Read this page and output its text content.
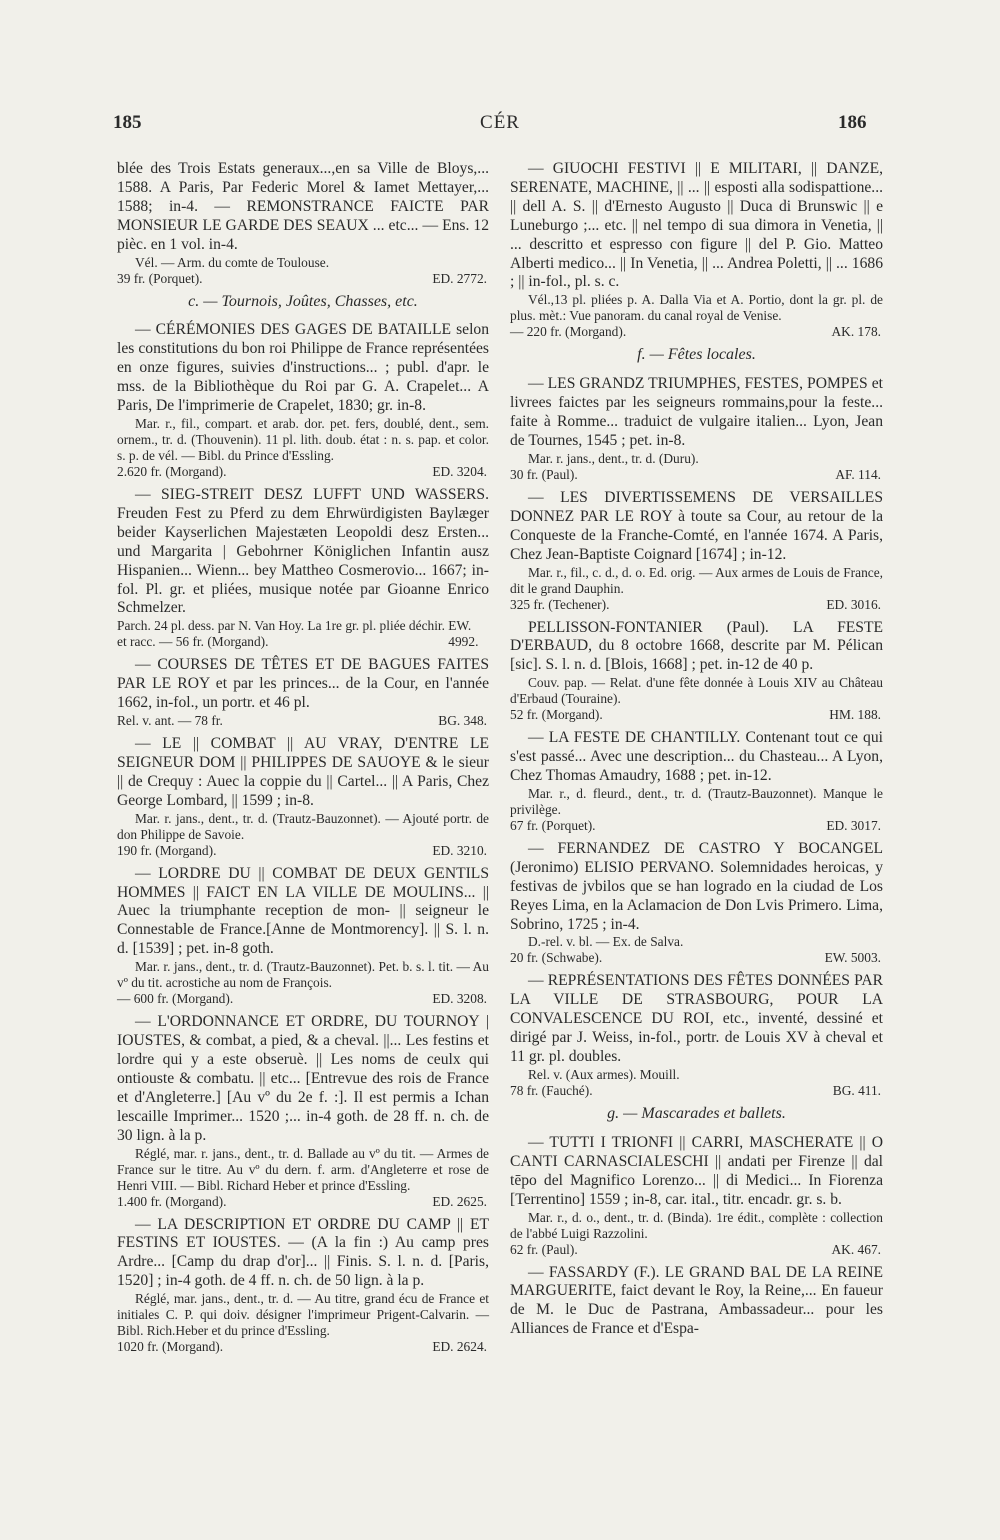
185	CÉR	186

blée des Trois Estats generaux...,en sa Ville de Bloys,... 1588. A Paris, Par Federic Morel & Iamet Mettayer,... 1588; in-4. — REMONSTRANCE FAICTE PAR MONSIEUR LE GARDE DES SEAUX ... etc... — Ens. 12 pièc. en 1 vol. in-4.

Vél. — Arm. du comte de Toulouse.

39 fr. (Porquet).	ED. 2772.
c. — Tournois, Joûtes, Chasses, etc.

— CÉRÉMONIES DES GAGES DE BATAILLE selon les constitutions du bon roi Philippe de France représentées en onze figures, suivies d'instructions... ; publ. d'apr. le mss. de la Bibliothèque du Roi par G. A. Crapelet... A Paris, De l'imprimerie de Crapelet, 1830; gr. in-8.

Mar. r., fil., compart. et arab. dor. pet. fers, doublé, dent., sem. ornem., tr. d. (Thouvenin). 11 pl. lith. doub. état : n. s. pap. et color. s. p. de vél. — Bibl. du Prince d'Essling.

2.620 fr. (Morgand).	ED. 3204.

— SIEG-STREIT DESZ LUFFT UND WASSERS. Freuden Fest zu Pferd zu dem Ehrwürdigisten Baylæger beider Kayserlichen Majestæten Leopoldi desz Ersten... und Margarita | Gebohrner Königlichen Infantin ausz Hispanien... Wienn... bey Mattheo Cosmerovio... 1667; in-fol. Pl. gr. et pliées, musique notée par Gioanne Enrico Schmelzer.

Parch. 24 pl. dess. par N. Van Hoy. La 1re gr. pl. pliée déchir. et racc. — 56 fr. (Morgand).
EW. 4992.

— COURSES DE TÊTES ET DE BAGUES FAITES PAR LE ROY et par les princes... de la Cour, en l'année 1662, in-fol., un portr. et 46 pl.

Rel. v. ant. — 78 fr.	BG. 348.

— LE || COMBAT || AU VRAY, D'ENTRE LE SEIGNEUR DOM || PHILIPPES DE SAUOYE & le sieur || de Crequy : Auec la coppie du || Cartel... || A Paris, Chez George Lombard, || 1599 ; in-8.

Mar. r. jans., dent., tr. d. (Trautz-Bauzonnet). — Ajouté portr. de don Philippe de Savoie.

190 fr. (Morgand).	ED. 3210.

— LORDRE DU || COMBAT DE DEUX GENTILS HOMMES || FAICT EN LA VILLE DE MOULINS... || Auec la triumphante reception de mon- || seigneur le Connestable de France.[Anne de Montmorency]. || S. l. n. d. [1539] ; pet. in-8 goth.

Mar. r. jans., dent., tr. d. (Trautz-Bauzonnet). Pet. b. s. l. tit. — Au vº du tit. acrostiche au nom de François.

— 600 fr. (Morgand).	ED. 3208.

— L'ORDONNANCE ET ORDRE, DU TOURNOY | IOUSTES, & combat, a pied, & a cheval. ||... Les festins et lordre qui y a este obseruè. || Les noms de ceulx qui ontiouste & combatu. || etc... [Entrevue des rois de France et d'Angleterre.] [Au vº du 2e f. :]. Il est permis a Ichan lescaille Imprimer... 1520 ;... in-4 goth. de 28 ff. n. ch. de 30 lign. à la p.

Réglé, mar. r. jans., dent., tr. d. Ballade au vº du tit. — Armes de France sur le titre. Au vº du dern. f. arm. d'Angleterre et rose de Henri VIII. — Bibl. Richard Heber et prince d'Essling.

1.400 fr. (Morgand).	ED. 2625.

— LA DESCRIPTION ET ORDRE DU CAMP || ET FESTINS ET IOUSTES. — (A la fin :) Au camp pres Ardre... [Camp du drap d'or]... || Finis. S. l. n. d. [Paris, 1520] ; in-4 goth. de 4 ff. n. ch. de 50 lign. à la p.

Réglé, mar. jans., dent., tr. d. — Au titre, grand écu de France et initiales C. P. qui doiv. désigner l'imprimeur Prigent-Calvarin. — Bibl. Rich.Heber et du prince d'Essling.

1020 fr. (Morgand).	ED. 2624.

— GIUOCHI FESTIVI || E MILITARI, || DANZE, SERENATE, MACHINE, || ... || esposti alla sodispattione... || dell A. S. || d'Ernesto Augusto || Duca di Brunswic || e Luneburgo ;... etc. || nel tempo di sua dimora in Venetia, || ... descritto et espresso con figure || del P. Gio. Matteo Alberti medico... || In Venetia, || ... Andrea Poletti, || ... 1686 ; || in-fol., pl. s. c.

Vél.,13 pl. pliées p. A. Dalla Via et A. Portio, dont la gr. pl. de plus. mèt.: Vue panoram. du canal royal de Venise.

— 220 fr. (Morgand).	AK. 178.
f. — Fêtes locales.

— LES GRANDZ TRIUMPHES, FESTES, POMPES et livrees faictes par les seigneurs rommains,pour la feste... faite à Romme... traduict de vulgaire italien... Lyon, Jean de Tournes, 1545 ; pet. in-8.

Mar. r. jans., dent., tr. d. (Duru).

30 fr. (Paul).	AF. 114.

— LES DIVERTISSEMENS DE VERSAILLES DONNEZ PAR LE ROY à toute sa Cour, au retour de la Conqueste de la Franche-Comté, en l'année 1674. A Paris, Chez Jean-Baptiste Coignard [1674] ; in-12.

Mar. r., fil., c. d., d. o. Ed. orig. — Aux armes de Louis de France, dit le grand Dauphin.

325 fr. (Techener).	ED. 3016.

PELLISSON-FONTANIER (Paul). LA FESTE D'ERBAUD, du 8 octobre 1668, descrite par M. Pélican [sic]. S. l. n. d. [Blois, 1668] ; pet. in-12 de 40 p.

Couv. pap. — Relat. d'une fête donnée à Louis XIV au Château d'Erbaud (Touraine).

52 fr. (Morgand).	HM. 188.

— LA FESTE DE CHANTILLY. Contenant tout ce qui s'est passé... Avec une description... du Chasteau... A Lyon, Chez Thomas Amaudry, 1688 ; pet. in-12.

Mar. r., d. fleurd., dent., tr. d. (Trautz-Bauzonnet). Manque le privilège.

67 fr. (Porquet).	ED. 3017.

— FERNANDEZ DE CASTRO Y BOCANGEL (Jeronimo) ELISIO PERVANO. Solemnidades heroicas, y festivas de jvbilos que se han logrado en la ciudad de Los Reyes Lima, en la Aclamacion de Don Lvis Primero. Lima, Sobrino, 1725 ; in-4.

D.-rel. v. bl. — Ex. de Salva.

20 fr. (Schwabe).	EW. 5003.

— REPRÉSENTATIONS DES FÊTES DONNÉES PAR LA VILLE DE STRASBOURG, POUR LA CONVALESCENCE DU ROI, etc., inventé, dessiné et dirigé par J. Weiss, in-fol., portr. de Louis XV à cheval et 11 gr. pl. doubles.

Rel. v. (Aux armes). Mouill.

78 fr. (Fauché).	BG. 411.
g. — Mascarades et ballets.

— TUTTI I TRIONFI || CARRI, MASCHERATE || O CANTI CARNASCIALESCHI || andati per Firenze || dal tēpo del Magnifico Lorenzo... || di Medici... In Fiorenza [Terrentino] 1559 ; in-8, car. ital., titr. encadr. gr. s. b.

Mar. r., d. o., dent., tr. d. (Binda). 1re édit., complète : collection de l'abbé Luigi Razzolini.

62 fr. (Paul).	AK. 467.

— FASSARDY (F.). LE GRAND BAL DE LA REINE MARGUERITE, faict devant le Roy, la Reine,... En faueur de M. le Duc de Pastrana, Ambassadeur... pour les Alliances de France et d'Espa-
